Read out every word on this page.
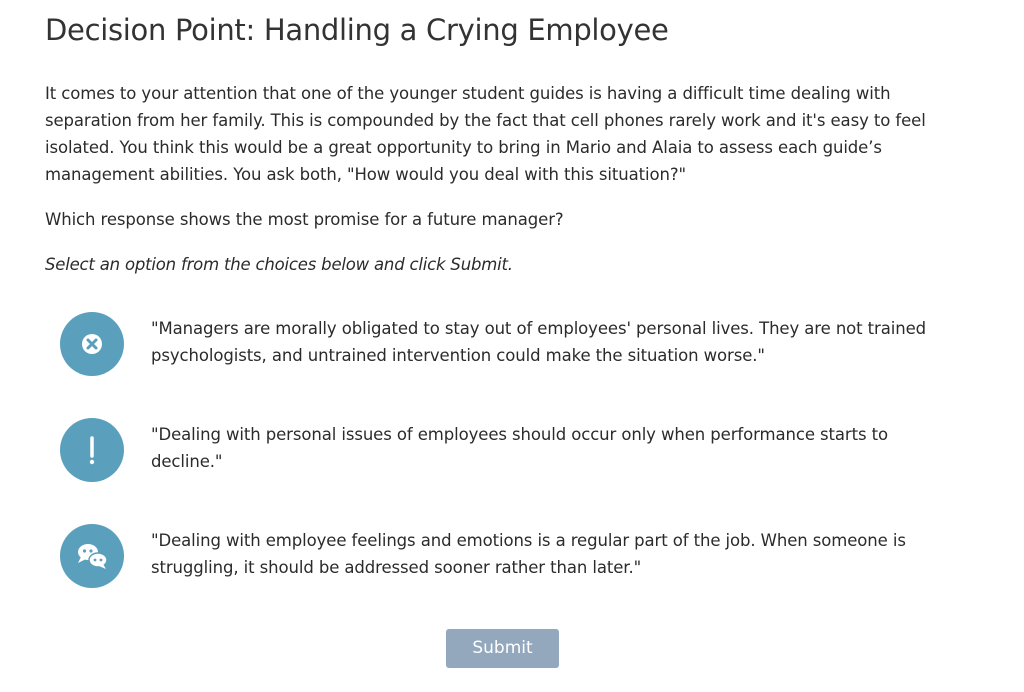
Decision Point: Handling a Crying Employee

It comes to your attention that one of the younger student guides is having a difficult time dealing with separation from her family. This is compounded by the fact that cell phones rarely work and it's easy to feel isolated. You think this would be a great opportunity to bring in Mario and Alaia to assess each guide’s management abilities. You ask both, "How would you deal with this situation?"

Which response shows the most promise for a future manager?

Select an option from the choices below and click Submit.

"Managers are morally obligated to stay out of employees' personal lives. They are not trained psychologists, and untrained intervention could make the situation worse."
"Dealing with personal issues of employees should occur only when performance starts to decline."
"Dealing with employee feelings and emotions is a regular part of the job. When someone is struggling, it should be addressed sooner rather than later."
Submit
